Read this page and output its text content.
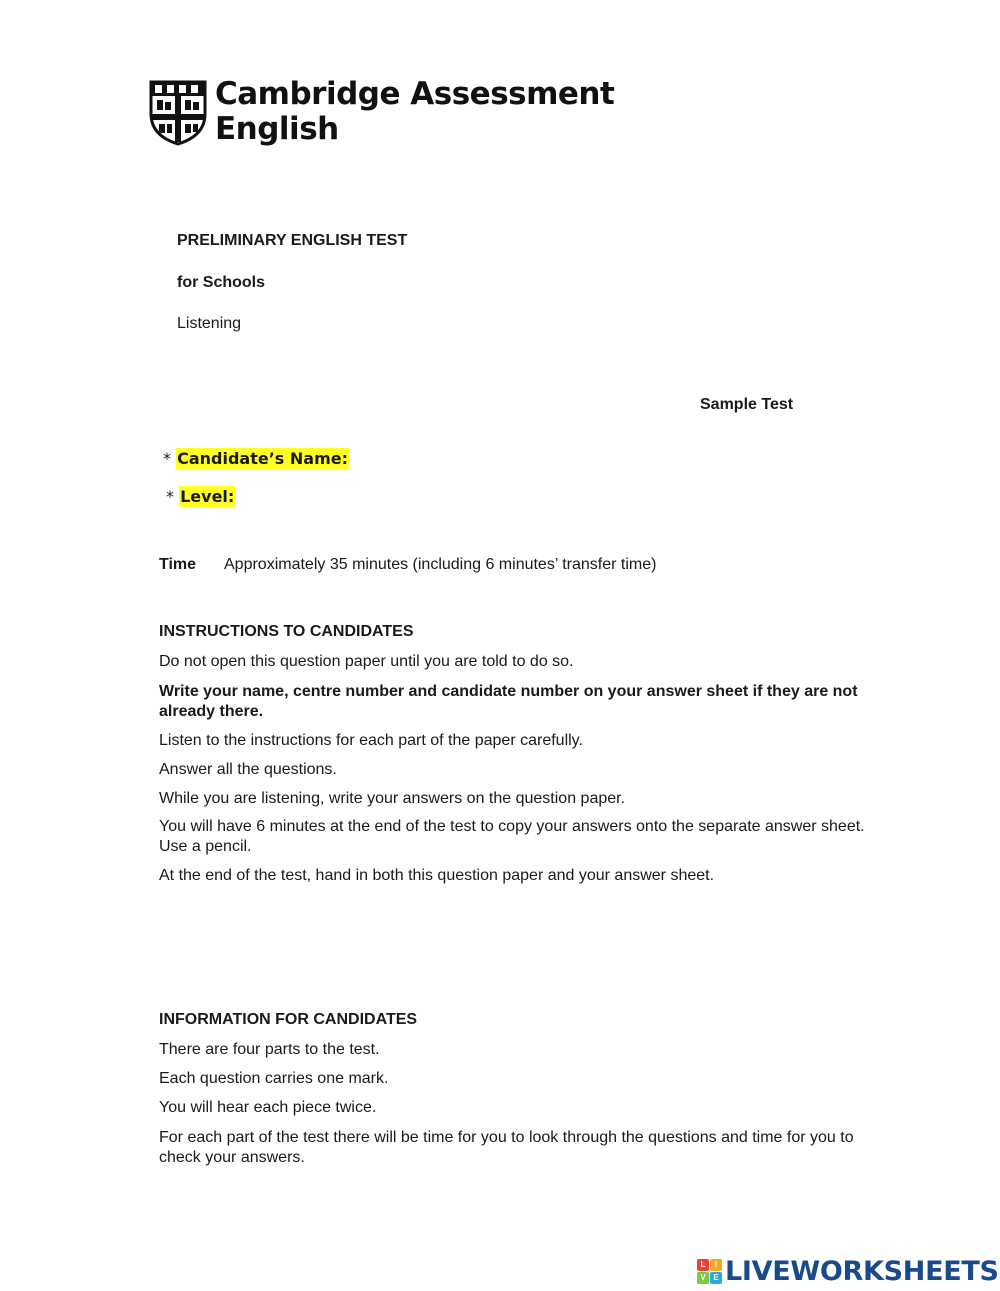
Cambridge Assessment
English
PRELIMINARY ENGLISH TEST
for Schools
Listening
Sample Test
* Candidate’s Name:
* Level:
Time Approximately 35 minutes (including 6 minutes’ transfer time)
INSTRUCTIONS TO CANDIDATES
Do not open this question paper until you are told to do so.
Write your name, centre number and candidate number on your answer sheet if they are not already there.
Listen to the instructions for each part of the paper carefully.
Answer all the questions.
While you are listening, write your answers on the question paper.
You will have 6 minutes at the end of the test to copy your answers onto the separate answer sheet. Use a pencil.
At the end of the test, hand in both this question paper and your answer sheet.
INFORMATION FOR CANDIDATES
There are four parts to the test.
Each question carries one mark.
You will hear each piece twice.
For each part of the test there will be time for you to look through the questions and time for you to check your answers.
L	I
V E LIVEWORKSHEETS
